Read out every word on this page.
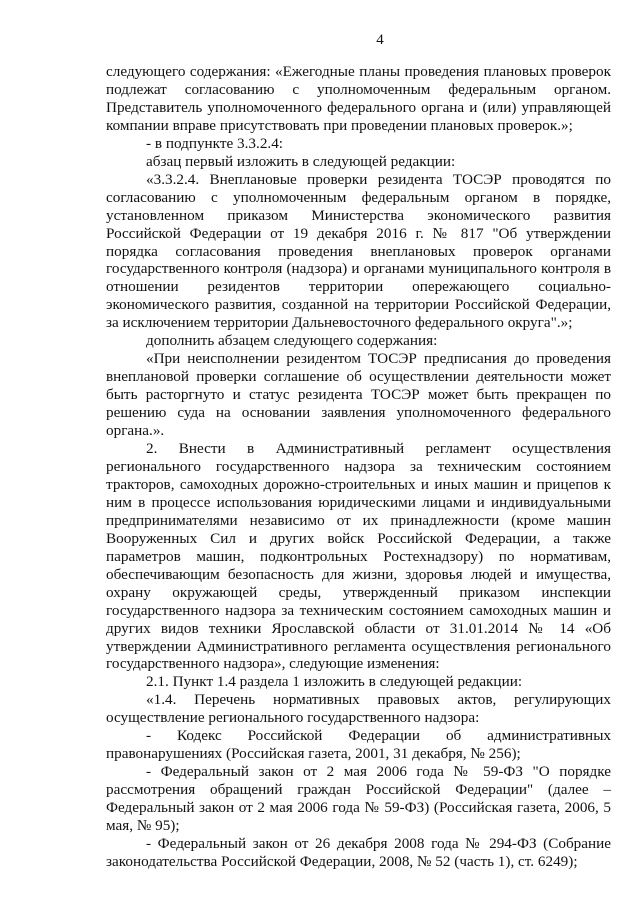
4

следующего содержания: «Ежегодные планы проведения плановых проверок подлежат согласованию с уполномоченным федеральным органом. Представитель уполномоченного федерального органа и (или) управляющей компании вправе присутствовать при проведении плановых проверок.»;

- в подпункте 3.3.2.4:

абзац первый изложить в следующей редакции:

«3.3.2.4. Внеплановые проверки резидента ТОСЭР проводятся по согласованию с уполномоченным федеральным органом в порядке, установленном приказом Министерства экономического развития Российской Федерации от 19 декабря 2016 г. № 817 "Об утверждении порядка согласования проведения внеплановых проверок органами государственного контроля (надзора) и органами муниципального контроля в отношении резидентов территории опережающего социально-экономического развития, созданной на территории Российской Федерации, за исключением территории Дальневосточного федерального округа".»;

дополнить абзацем следующего содержания:

«При неисполнении резидентом ТОСЭР предписания до проведения внеплановой проверки соглашение об осуществлении деятельности может быть расторгнуто и статус резидента ТОСЭР может быть прекращен по решению суда на основании заявления уполномоченного федерального органа.».

2. Внести в Административный регламент осуществления регионального государственного надзора за техническим состоянием тракторов, самоходных дорожно-строительных и иных машин и прицепов к ним в процессе использования юридическими лицами и индивидуальными предпринимателями независимо от их принадлежности (кроме машин Вооруженных Сил и других войск Российской Федерации, а также параметров машин, подконтрольных Ростехнадзору) по нормативам, обеспечивающим безопасность для жизни, здоровья людей и имущества, охрану окружающей среды, утвержденный приказом инспекции государственного надзора за техническим состоянием самоходных машин и других видов техники Ярославской области от 31.01.2014 № 14 «Об утверждении Административного регламента осуществления регионального государственного надзора», следующие изменения:

2.1. Пункт 1.4 раздела 1 изложить в следующей редакции:

«1.4. Перечень нормативных правовых актов, регулирующих осуществление регионального государственного надзора:

- Кодекс Российской Федерации об административных правонарушениях (Российская газета, 2001, 31 декабря, № 256);

- Федеральный закон от 2 мая 2006 года № 59-ФЗ "О порядке рассмотрения обращений граждан Российской Федерации" (далее – Федеральный закон от 2 мая 2006 года № 59-ФЗ) (Российская газета, 2006, 5 мая, № 95);

- Федеральный закон от 26 декабря 2008 года № 294-ФЗ (Собрание законодательства Российской Федерации, 2008, № 52 (часть 1), ст. 6249);
